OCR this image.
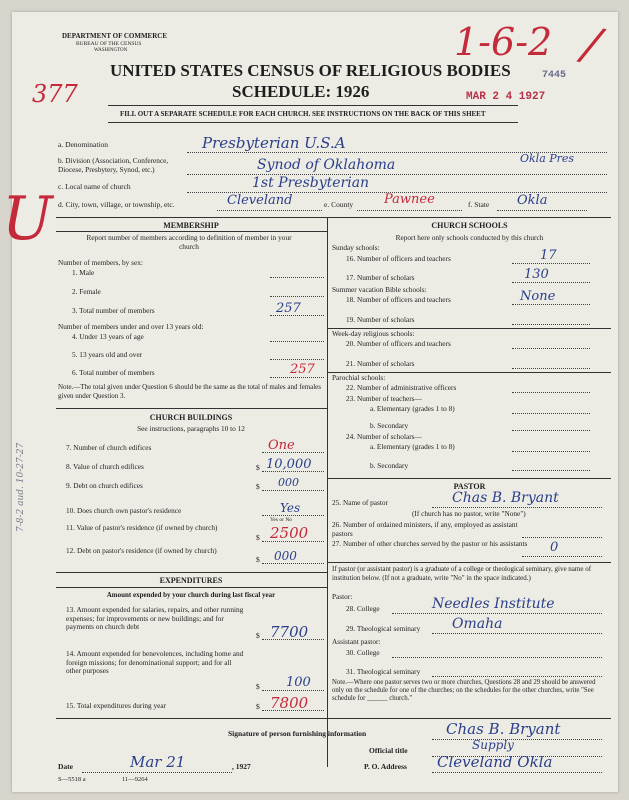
DEPARTMENT OF COMMERCE
BUREAU OF THE CENSUS
WASHINGTON
UNITED STATES CENSUS OF RELIGIOUS BODIES
SCHEDULE: 1926
FILL OUT A SEPARATE SCHEDULE FOR EACH CHURCH. SEE INSTRUCTIONS ON THE BACK OF THIS SHEET
377
1-6-2 /
MAR 2 4 1927
7445
U
7-8-2 aud. 10-27-27
a. Denomination	Presbyterian U.S.A
b. Division (Association, Conference, Diocese, Presbytery, Synod, etc.)	Synod of Oklahoma	Okla Pres
c. Local name of church	1st Presbyterian
d. City, town, village, or township, etc.	Cleveland	e. County Pawnee	f. State Okla
MEMBERSHIP
Report number of members according to definition of member in your church
Number of members, by sex:
1. Male
2. Female
3. Total number of members	257
Number of members under and over 13 years old:
4. Under 13 years of age
5. 13 years old and over
6. Total number of members	257
Note.—The total given under Question 6 should be the same as the total of males and females given under Question 3.
CHURCH BUILDINGS
See instructions, paragraphs 10 to 12
7. Number of church edifices	One
8. Value of church edifices	$ 10,000
9. Debt on church edifices	$ 000
10. Does church own pastor's residence	Yes
Yes or No
11. Value of pastor's residence (if owned by church)
$ 2500
12. Debt on pastor's residence (if owned by church)
$ 000
EXPENDITURES
Amount expended by your church during last fiscal year
13. Amount expended for salaries, repairs, and other running expenses; for improvements or new buildings; and for payments on church debt
$ 7700
14. Amount expended for benevolences, including home and foreign missions; for denominational support; and for all other purposes
$ 100
15. Total expenditures during year	$ 7800
CHURCH SCHOOLS
Report here only schools conducted by this church
Sunday schools:
16. Number of officers and teachers	17
17. Number of scholars	130
Summer vacation Bible schools:
18. Number of officers and teachers	None
19. Number of scholars
Week-day religious schools:
20. Number of officers and teachers
21. Number of scholars
Parochial schools:
22. Number of administrative officers
23. Number of teachers—
a. Elementary (grades 1 to 8)
b. Secondary
24. Number of scholars—
a. Elementary (grades 1 to 8)
b. Secondary
PASTOR
25. Name of pastor	Chas B. Bryant
(If church has no pastor, write "None")
26. Number of ordained ministers, if any, employed as assistant pastors
27. Number of other churches served by the pastor or his assistants	0
If pastor (or assistant pastor) is a graduate of a college or theological seminary, give name of institution below. (If not a graduate, write "No" in the space indicated.)
Pastor:
28. College	Needles Institute
29. Theological seminary Omaha
Assistant pastor:
30. College
31. Theological seminary
Note.—Where one pastor serves two or more churches, Questions 28 and 29 should be answered only on the schedule for one of the churches; on the schedules for the other churches, write "See schedule for ______ church."
Signature of person furnishing information	Chas B. Bryant
Official title	Supply
Date	Mar 21	, 1927	P. O. Address Cleveland Okla
S—5518 a	11—9264
